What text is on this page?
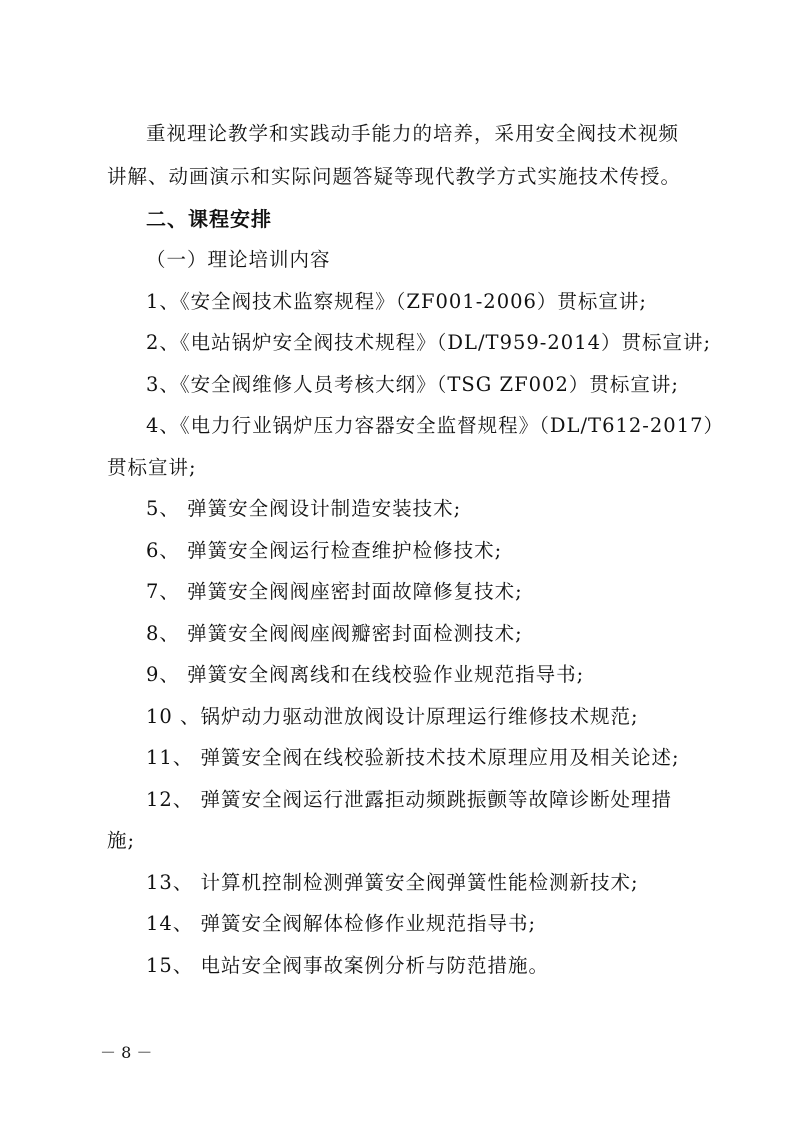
重视理论教学和实践动手能力的培养，采用安全阀技术视频
讲解、动画演示和实际问题答疑等现代教学方式实施技术传授。
二、课程安排
（一）理论培训内容
1、《安全阀技术监察规程》（ZF001-2006）贯标宣讲;
2、《电站锅炉安全阀技术规程》（DL/T959-2014）贯标宣讲;
3、《安全阀维修人员考核大纲》（TSG ZF002）贯标宣讲;
4、《电力行业锅炉压力容器安全监督规程》（DL/T612-2017）
贯标宣讲;
5、 弹簧安全阀设计制造安装技术;
6、 弹簧安全阀运行检查维护检修技术;
7、 弹簧安全阀阀座密封面故障修复技术;
8、 弹簧安全阀阀座阀瓣密封面检测技术;
9、 弹簧安全阀离线和在线校验作业规范指导书;
10 、锅炉动力驱动泄放阀设计原理运行维修技术规范;
11、 弹簧安全阀在线校验新技术技术原理应用及相关论述;
12、 弹簧安全阀运行泄露拒动频跳振颤等故障诊断处理措
施;
13、 计算机控制检测弹簧安全阀弹簧性能检测新技术;
14、 弹簧安全阀解体检修作业规范指导书;
15、 电站安全阀事故案例分析与防范措施。
－ 8 －
